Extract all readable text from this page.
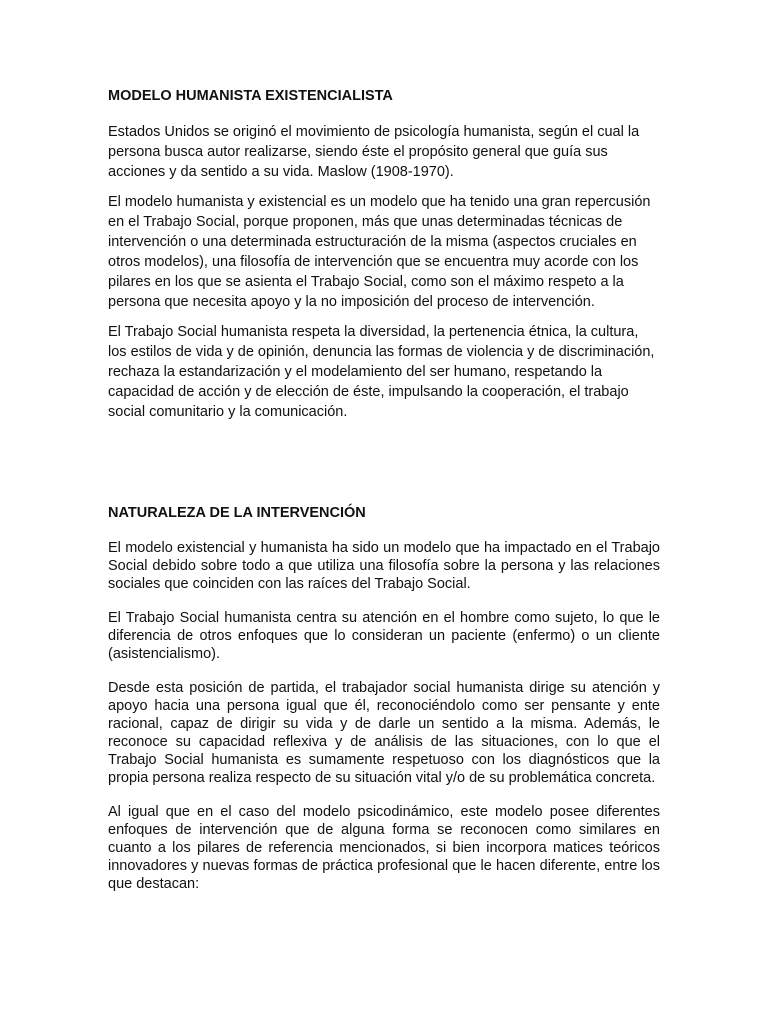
MODELO HUMANISTA EXISTENCIALISTA

Estados Unidos se originó el movimiento de psicología humanista, según el cual la persona busca autor realizarse, siendo éste el propósito general que guía sus acciones y da sentido a su vida. Maslow (1908-1970).

El modelo humanista y existencial es un modelo que ha tenido una gran repercusión en el Trabajo Social, porque proponen, más que unas determinadas técnicas de intervención o una determinada estructuración de la misma (aspectos cruciales en otros modelos), una filosofía de intervención que se encuentra muy acorde con los pilares en los que se asienta el Trabajo Social, como son el máximo respeto a la persona que necesita apoyo y la no imposición del proceso de intervención.

El Trabajo Social humanista respeta la diversidad, la pertenencia étnica, la cultura, los estilos de vida y de opinión, denuncia las formas de violencia y de discriminación, rechaza la estandarización y el modelamiento del ser humano, respetando la capacidad de acción y de elección de éste, impulsando la cooperación, el trabajo social comunitario y la comunicación.

NATURALEZA DE LA INTERVENCIÓN

El modelo existencial y humanista ha sido un modelo que ha impactado en el Trabajo Social debido sobre todo a que utiliza una filosofía sobre la persona y las relaciones sociales que coinciden con las raíces del Trabajo Social.

El Trabajo Social humanista centra su atención en el hombre como sujeto, lo que le diferencia de otros enfoques que lo consideran un paciente (enfermo) o un cliente (asistencialismo).

Desde esta posición de partida, el trabajador social humanista dirige su atención y apoyo hacia una persona igual que él, reconociéndolo como ser pensante y ente racional, capaz de dirigir su vida y de darle un sentido a la misma. Además, le reconoce su capacidad reflexiva y de análisis de las situaciones, con lo que el Trabajo Social humanista es sumamente respetuoso con los diagnósticos que la propia persona realiza respecto de su situación vital y/o de su problemática concreta.

Al igual que en el caso del modelo psicodinámico, este modelo posee diferentes enfoques de intervención que de alguna forma se reconocen como similares en cuanto a los pilares de referencia mencionados, si bien incorpora matices teóricos innovadores y nuevas formas de práctica profesional que le hacen diferente, entre los que destacan:
